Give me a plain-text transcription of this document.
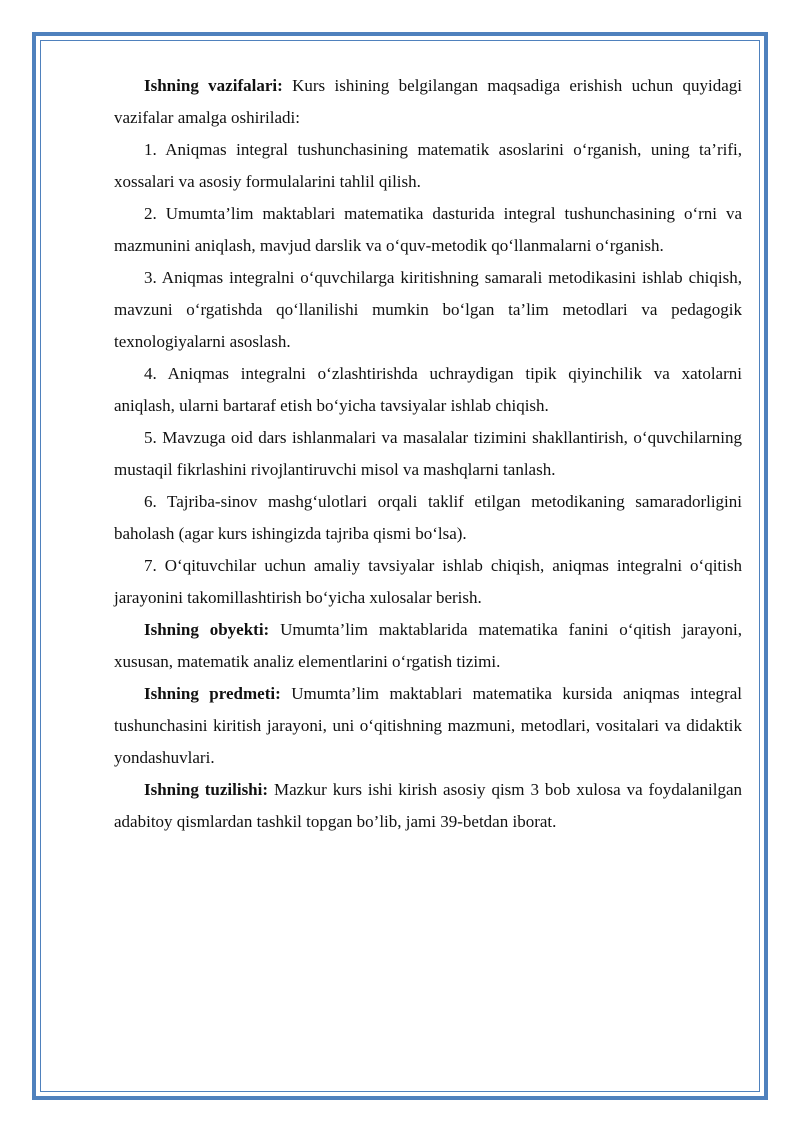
Ishning vazifalari: Kurs ishining belgilangan maqsadiga erishish uchun quyidagi vazifalar amalga oshiriladi:

1. Aniqmas integral tushunchasining matematik asoslarini o‘rganish, uning ta’rifi, xossalari va asosiy formulalarini tahlil qilish.

2. Umumta’lim maktablari matematika dasturida integral tushunchasining o‘rni va mazmunini aniqlash, mavjud darslik va o‘quv-metodik qo‘llanmalarni o‘rganish.

3. Aniqmas integralni o‘quvchilarga kiritishning samarali metodikasini ishlab chiqish, mavzuni o‘rgatishda qo‘llanilishi mumkin bo‘lgan ta’lim metodlari va pedagogik texnologiyalarni asoslash.

4. Aniqmas integralni o‘zlashtirishda uchraydigan tipik qiyinchilik va xatolarni aniqlash, ularni bartaraf etish bo‘yicha tavsiyalar ishlab chiqish.

5. Mavzuga oid dars ishlanmalari va masalalar tizimini shakllantirish, o‘quvchilarning mustaqil fikrlashini rivojlantiruvchi misol va mashqlarni tanlash.

6. Tajriba-sinov mashg‘ulotlari orqali taklif etilgan metodikaning samaradorligini baholash (agar kurs ishingizda tajriba qismi bo‘lsa).

7. O‘qituvchilar uchun amaliy tavsiyalar ishlab chiqish, aniqmas integralni o‘qitish jarayonini takomillashtirish bo‘yicha xulosalar berish.

Ishning obyekti: Umumta’lim maktablarida matematika fanini o‘qitish jarayoni, xususan, matematik analiz elementlarini o‘rgatish tizimi.

Ishning predmeti: Umumta’lim maktablari matematika kursida aniqmas integral tushunchasini kiritish jarayoni, uni o‘qitishning mazmuni, metodlari, vositalari va didaktik yondashuvlari.

Ishning tuzilishi: Mazkur kurs ishi kirish asosiy qism 3 bob xulosa va foydalanilgan adabitoy qismlardan tashkil topgan bo’lib, jami 39-betdan iborat.
